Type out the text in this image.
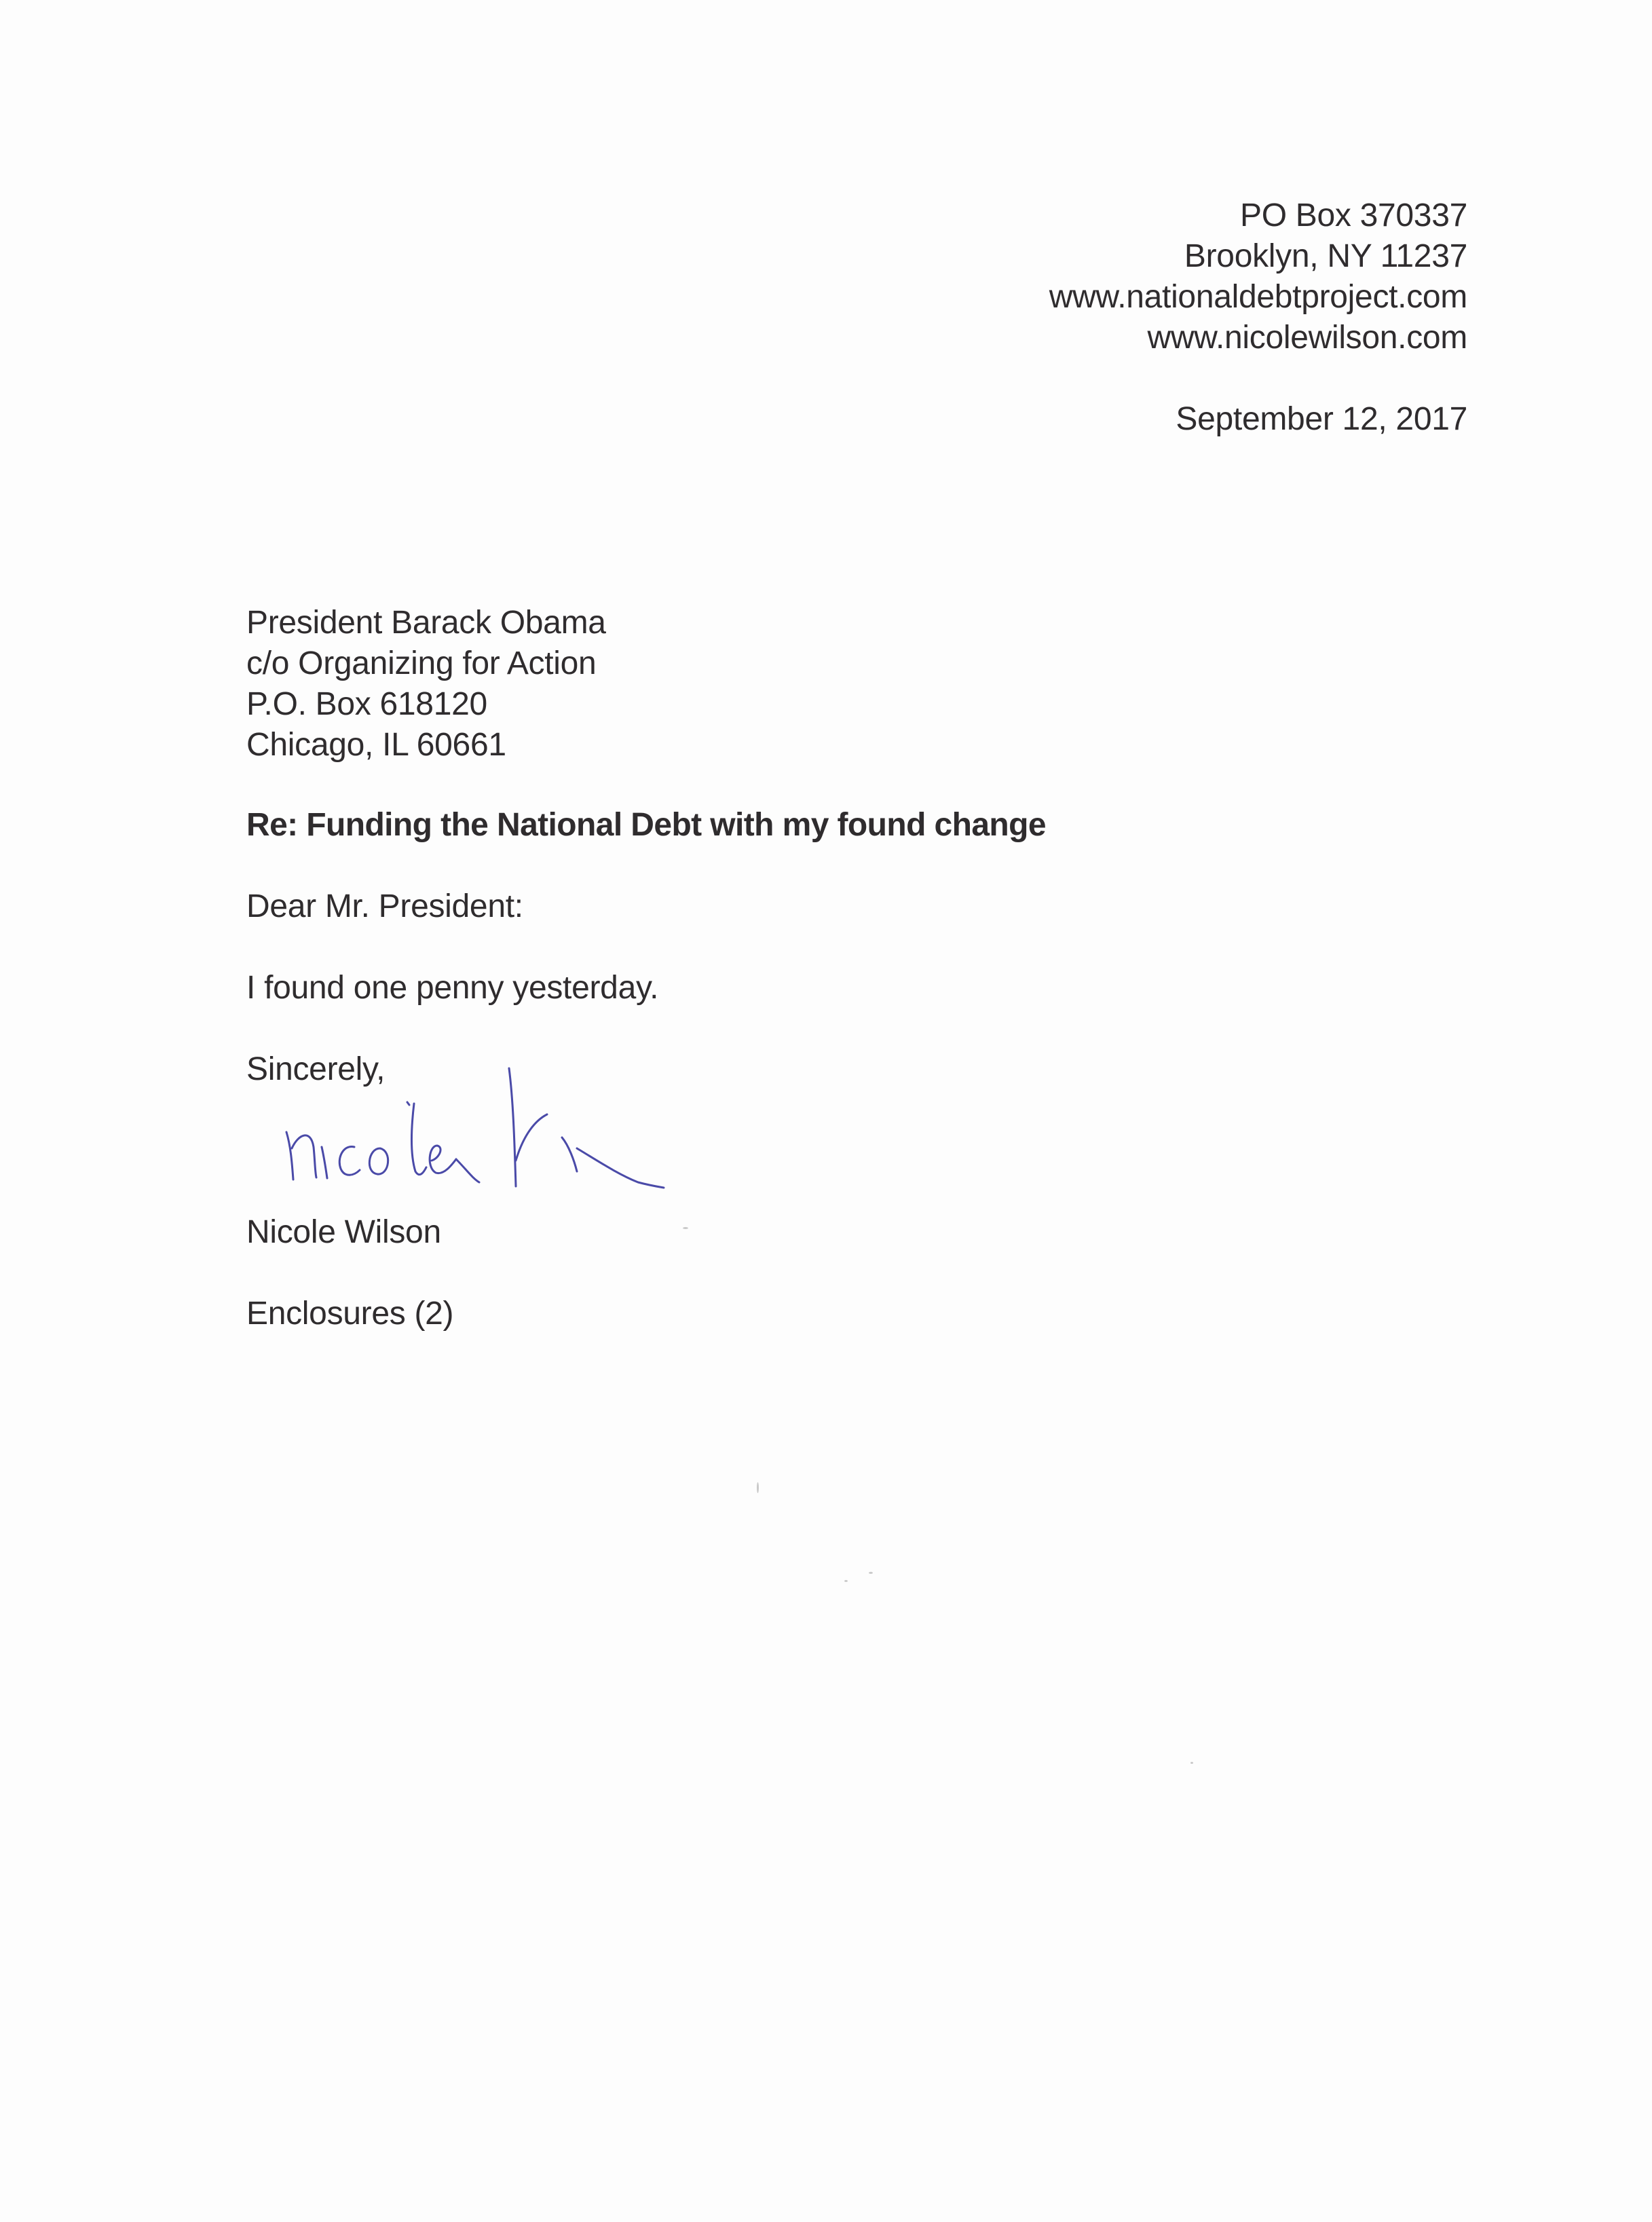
PO Box 370337
Brooklyn, NY 11237
www.nationaldebtproject.com
www.nicolewilson.com
September 12, 2017
President Barack Obama
c/o Organizing for Action
P.O. Box 618120
Chicago, IL 60661
Re: Funding the National Debt with my found change
Dear Mr. President:
I found one penny yesterday.
Sincerely,
Nicole Wilson
Enclosures (2)
